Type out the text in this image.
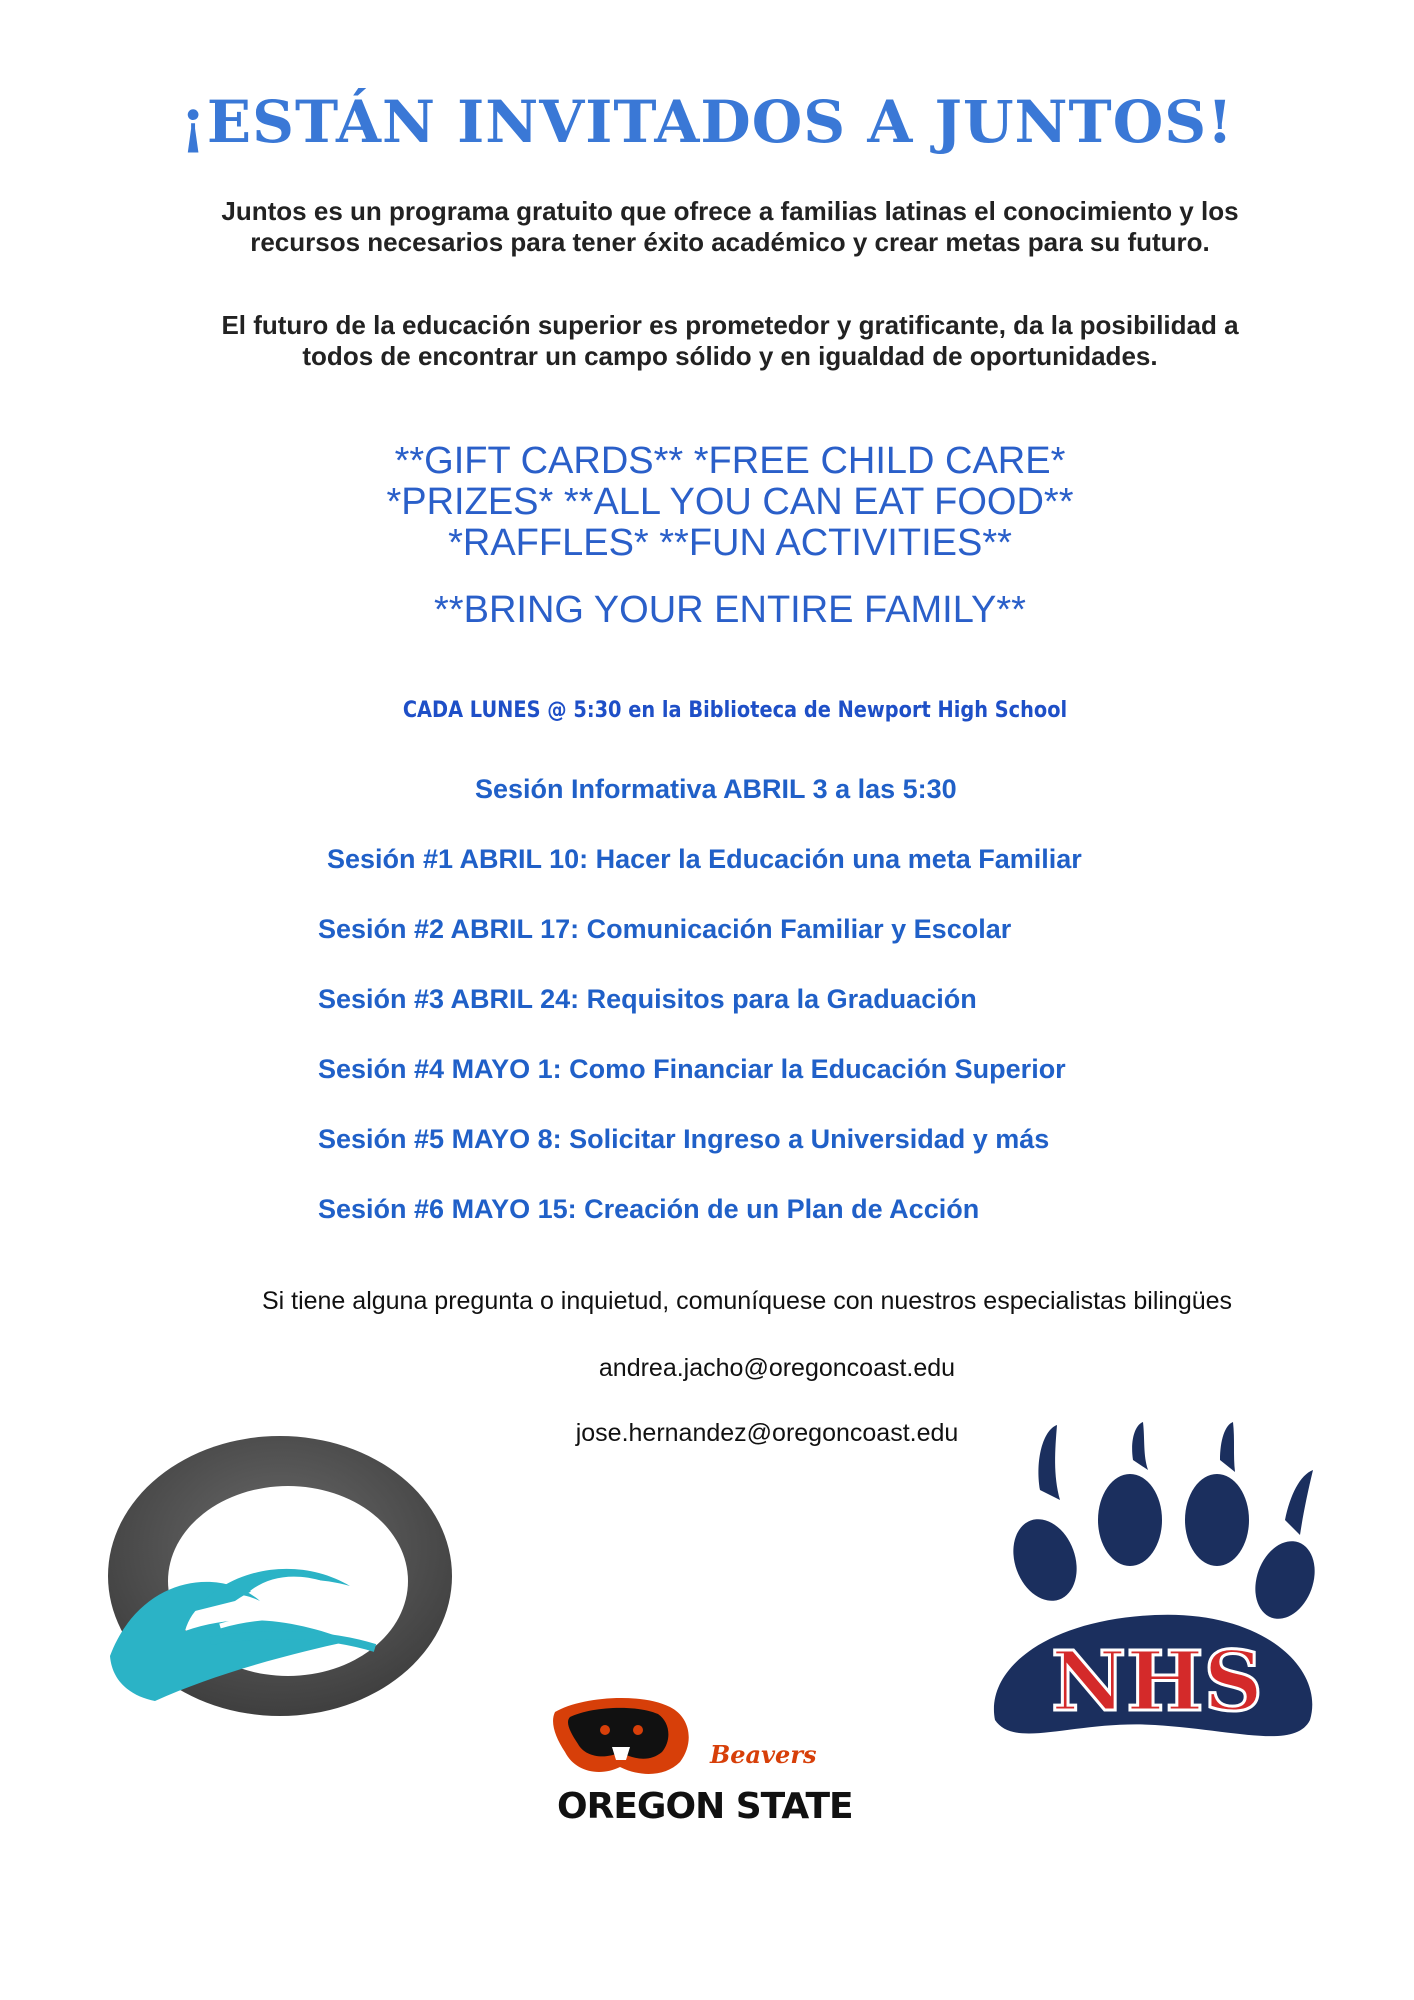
¡ESTÁN INVITADOS A JUNTOS!
Juntos es un programa gratuito que ofrece a familias latinas el conocimiento y los
recursos necesarios para tener éxito académico y crear metas para su futuro.
El futuro de la educación superior es prometedor y gratificante, da la posibilidad a
todos de encontrar un campo sólido y en igualdad de oportunidades.
**GIFT CARDS** *FREE CHILD CARE*
*PRIZES* **ALL YOU CAN EAT FOOD**
*RAFFLES* **FUN ACTIVITIES**
**BRING YOUR ENTIRE FAMILY**
CADA LUNES @ 5:30 en la Biblioteca de Newport High School
Sesión Informativa ABRIL 3 a las 5:30
Sesión #1 ABRIL 10: Hacer la Educación una meta Familiar
Sesión #2 ABRIL 17: Comunicación Familiar y Escolar
Sesión #3 ABRIL 24: Requisitos para la Graduación
Sesión #4 MAYO 1: Como Financiar la Educación Superior
Sesión #5 MAYO 8: Solicitar Ingreso a Universidad y más
Sesión #6 MAYO 15: Creación de un Plan de Acción
Si tiene alguna pregunta o inquietud, comuníquese con nuestros especialistas bilingües
andrea.jacho@oregoncoast.edu
jose.hernandez@oregoncoast.edu
NHS
Beavers
OREGON STATE
